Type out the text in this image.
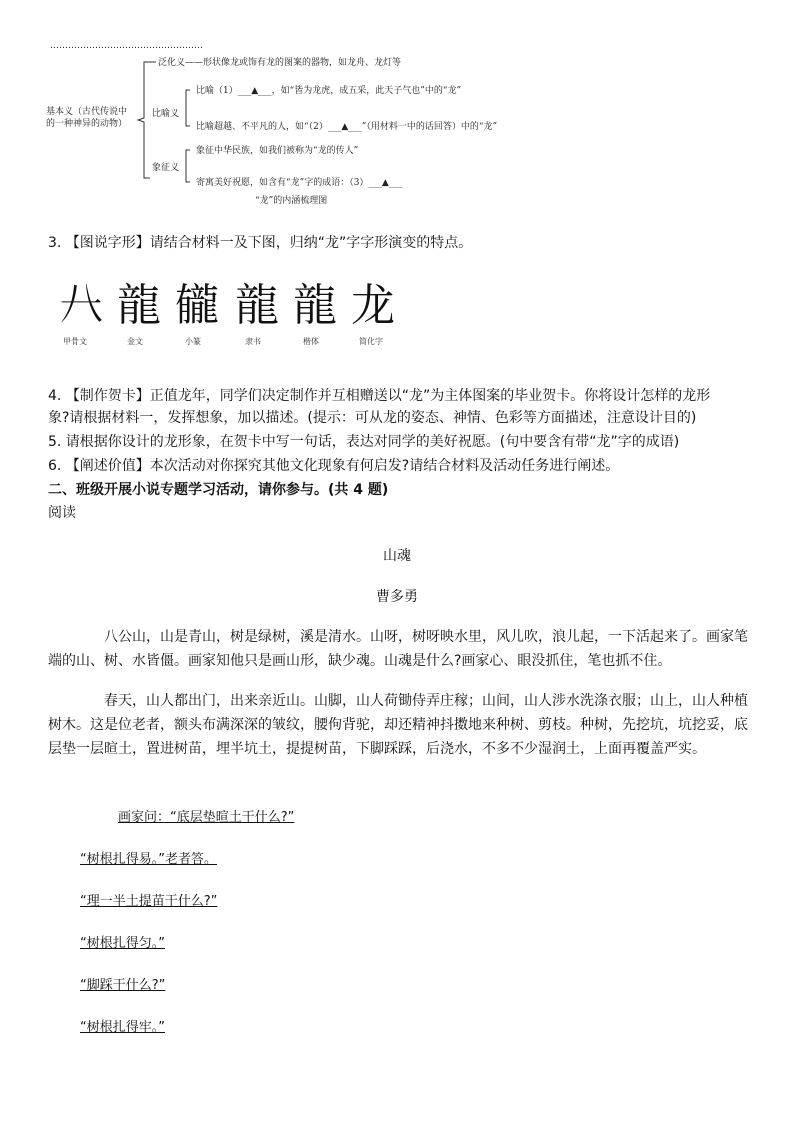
……………………………………………
基本义（古代传说中
的一种神异的动物）
泛化义——形状像龙或饰有龙的图案的器物，如龙舟、龙灯等
比喻义
比喻（1）___▲___，如“皆为龙虎，成五采，此天子气也”中的“龙”
比喻超越、不平凡的人，如“（2）___▲___”（用材料一中的话回答）中的“龙”
象征义
象征中华民族，如我们被称为“龙的传人”
寄寓美好祝愿，如含有“龙”字的成语：（3）___▲___
“龙”的内涵梳理图
3. 【图说字形】请结合材料一及下图，归纳“龙”字字形演变的特点。
𠔀 龍 龓 龍 龍 龙
甲骨文	金文	小篆	隶书	楷体	简化字
4. 【制作贺卡】正值龙年，同学们决定制作并互相赠送以“龙”为主体图案的毕业贺卡。你将设计怎样的龙形
象?请根据材料一，发挥想象，加以描述。(提示：可从龙的姿态、神情、色彩等方面描述，注意设计目的)
5. 请根据你设计的龙形象，在贺卡中写一句话，表达对同学的美好祝愿。(句中要含有带“龙”字的成语)
6. 【阐述价值】本次活动对你探究其他文化现象有何启发?请结合材料及活动任务进行阐述。
二、班级开展小说专题学习活动，请你参与。(共 4 题)
阅读
山魂
曹多勇
八公山，山是青山，树是绿树，溪是清水。山呀，树呀映水里，风儿吹，浪儿起，一下活起来了。画家笔端的山、树、水皆僵。画家知他只是画山形，缺少魂。山魂是什么?画家心、眼没抓住，笔也抓不住。
春天，山人都出门，出来亲近山。山脚，山人荷锄侍弄庄稼；山间，山人涉水洗涤衣服；山上，山人种植树木。这是位老者，额头布满深深的皱纹，腰佝背驼，却还精神抖擞地来种树、剪枝。种树，先挖坑，坑挖妥，底层垫一层暄土，置进树苗，埋半坑土，提提树苗，下脚踩踩，后浇水，不多不少湿润土，上面再覆盖严实。
画家问：“底层垫暄土干什么?”
“树根扎得易。”老者答。
“理一半土提苗干什么?”
“树根扎得匀。”
“脚踩干什么?”
“树根扎得牢。”
